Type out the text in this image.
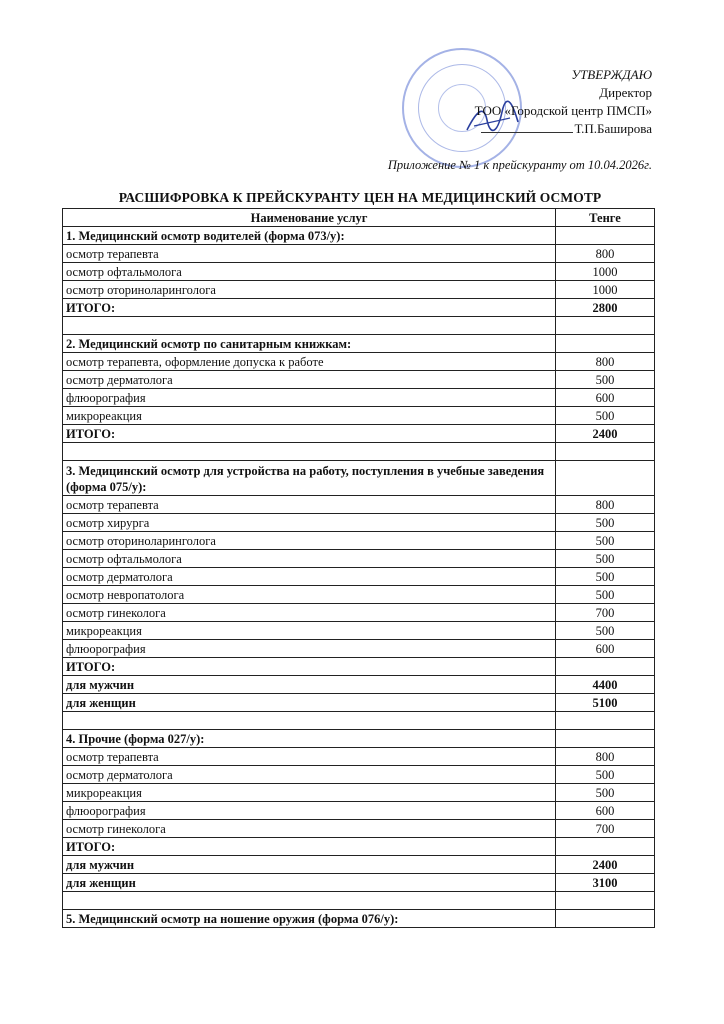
УТВЕРЖДАЮ
Директор
ТОО «Городской центр ПМСП»
Т.П.Баширова
Приложение № 1 к прейскуранту от 10.04.2026г.
РАСШИФРОВКА К ПРЕЙСКУРАНТУ ЦЕН НА МЕДИЦИНСКИЙ ОСМОТР
Наименование услуг	Тенге
1. Медицинский осмотр водителей (форма 073/у):	
осмотр терапевта	800
осмотр офтальмолога	1000
осмотр оториноларинголога	1000
ИТОГО:	2800

2. Медицинский осмотр по санитарным книжкам:	
осмотр терапевта, оформление допуска к работе	800
осмотр дерматолога	500
флюорография	600
микрореакция	500
ИТОГО:	2400

3. Медицинский осмотр для устройства на работу, поступления в учебные заведения (форма 075/у):	
осмотр терапевта	800
осмотр хирурга	500
осмотр оториноларинголога	500
осмотр офтальмолога	500
осмотр дерматолога	500
осмотр невропатолога	500
осмотр гинеколога	700
микрореакция	500
флюорография	600
ИТОГО:	
для мужчин	4400
для женщин	5100

4. Прочие (форма 027/у):	
осмотр терапевта	800
осмотр дерматолога	500
микрореакция	500
флюорография	600
осмотр гинеколога	700
ИТОГО:	
для мужчин	2400
для женщин	3100

5. Медицинский осмотр на ношение оружия (форма 076/у):	
